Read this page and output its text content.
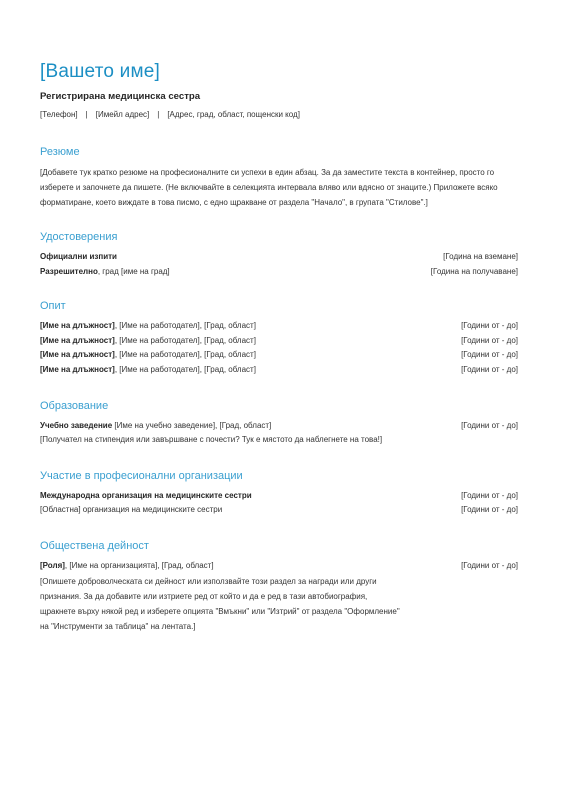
[Вашето име]
Регистрирана медицинска сестра
[Телефон] | [Имейл адрес] | [Адрес, град, област, пощенски код]
Резюме
[Добавете тук кратко резюме на професионалните си успехи в един абзац. За да заместите текста в контейнер, просто го изберете и започнете да пишете. (Не включвайте в селекцията интервала вляво или вдясно от знаците.) Приложете всяко форматиране, което виждате в това писмо, с едно щракване от раздела "Начало", в групата "Стилове".]
Удостоверения
Официални изпити	[Година на вземане]
Разрешително, град [име на град]	[Година на получаване]
Опит
[Име на длъжност], [Име на работодател], [Град, област]	[Години от - до]
[Име на длъжност], [Име на работодател], [Град, област]	[Години от - до]
[Име на длъжност], [Име на работодател], [Град, област]	[Години от - до]
[Име на длъжност], [Име на работодател], [Град, област]	[Години от - до]
Образование
Учебно заведение [Име на учебно заведение], [Град, област]	[Години от - до]
[Получател на стипендия или завършване с почести? Тук е мястото да наблегнете на това!]
Участие в професионални организации
Международна организация на медицинските сестри	[Години от - до]
[Областна] организация на медицинските сестри	[Години от - до]
Обществена дейност
[Роля], [Име на организацията], [Град, област]	[Години от - до]
[Опишете доброволческата си дейност или използвайте този раздел за награди или други признания. За да добавите или изтриете ред от който и да е ред в тази автобиография, щракнете върху някой ред и изберете опцията "Вмъкни" или "Изтрий" от раздела "Оформление" на "Инструменти за таблица" на лентата.]
